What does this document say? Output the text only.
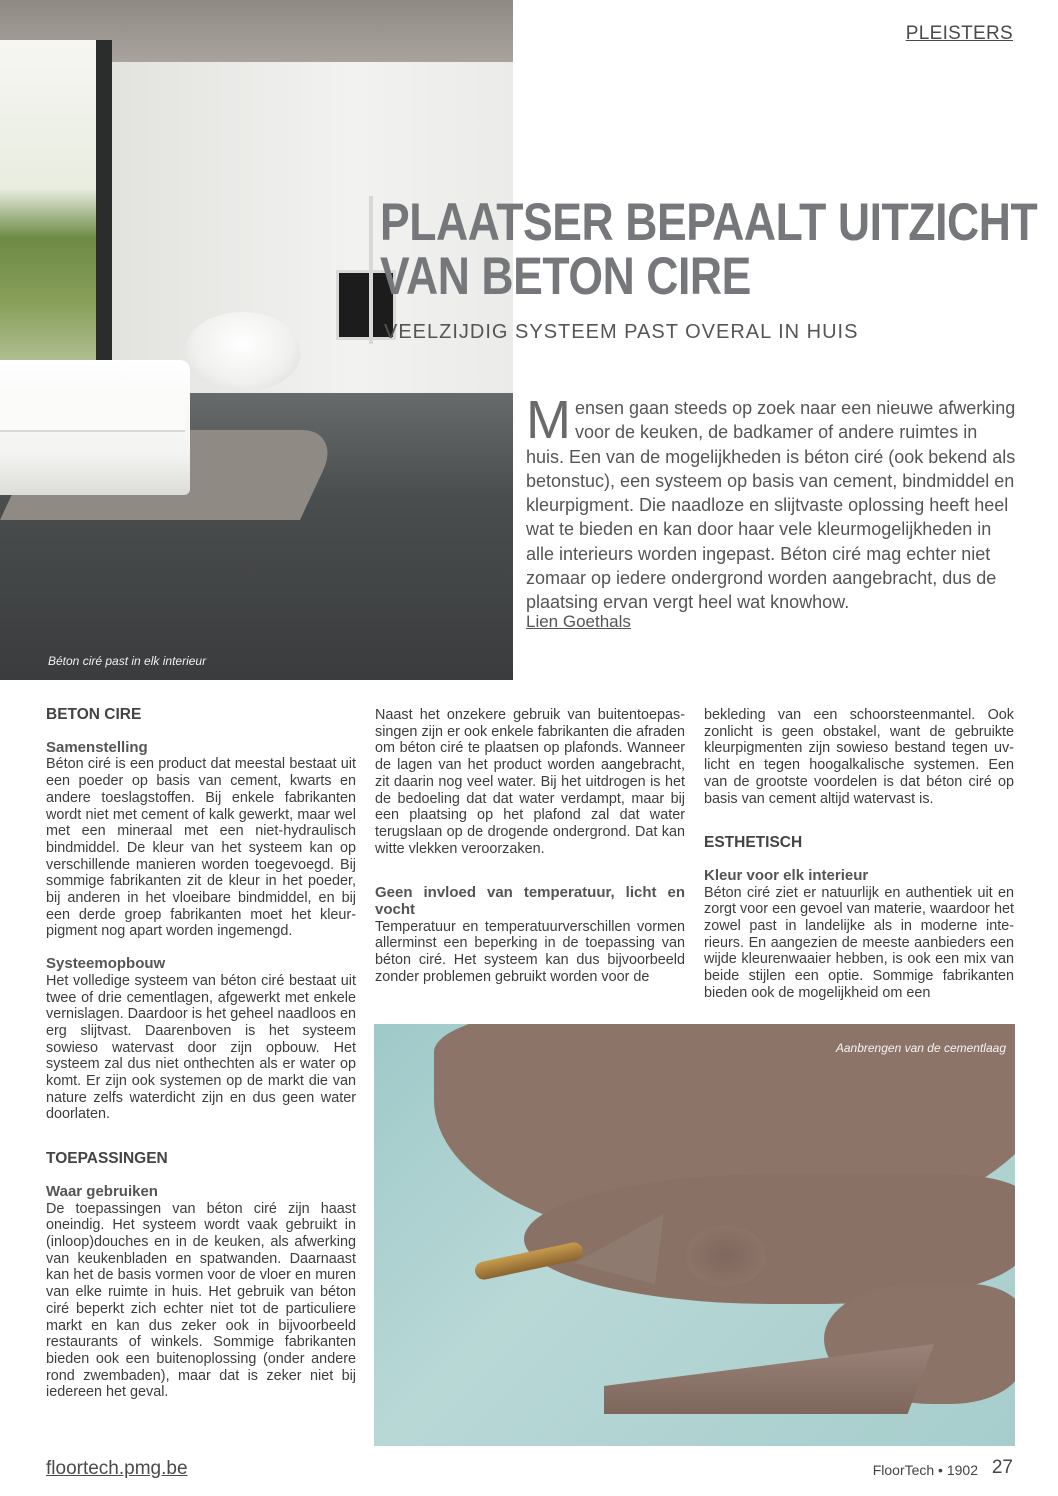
Béton ciré past in elk interieur
PLEISTERS
PLAATSER BEPAALT UITZICHT
VAN BETON CIRE
VEELZIJDIG SYSTEEM PAST OVERAL IN HUIS
Mensen gaan steeds op zoek naar een nieuwe afwerking voor de keuken, de badkamer of andere ruimtes in huis. Een van de mogelijkheden is béton ciré (ook bekend als betonstuc), een systeem op basis van cement, bindmiddel en kleurpigment. Die naadloze en slijtvaste oplossing heeft heel wat te bieden en kan door haar vele kleurmogelijkheden in alle interieurs worden ingepast. Béton ciré mag echter niet zomaar op iedere ondergrond worden aangebracht, dus de plaatsing ervan vergt heel wat knowhow.
Lien Goethals
BETON CIRE
Samenstelling

Béton ciré is een product dat meestal bestaat uit een poeder op basis van cement, kwarts en andere toeslagstoffen. Bij enkele fabrikanten wordt niet met cement of kalk gewerkt, maar wel met een mineraal met een niet-hydraulisch bindmiddel. De kleur van het systeem kan op verschillende manieren worden toegevoegd. Bij sommige fabrikanten zit de kleur in het poeder, bij anderen in het vloeibare bindmiddel, en bij een derde groep fabrikanten moet het kleurpigment nog apart worden ingemengd.

Systeemopbouw

Het volledige systeem van béton ciré bestaat uit twee of drie cementlagen, afgewerkt met enkele vernislagen. Daardoor is het geheel naadloos en erg slijtvast. Daarenboven is het systeem sowieso watervast door zijn opbouw. Het systeem zal dus niet onthechten als er water op komt. Er zijn ook systemen op de markt die van nature zelfs waterdicht zijn en dus geen water doorlaten.

TOEPASSINGEN
Waar gebruiken

De toepassingen van béton ciré zijn haast oneindig. Het systeem wordt vaak gebruikt in (inloop)douches en in de keuken, als afwerking van keukenbladen en spatwanden. Daarnaast kan het de basis vormen voor de vloer en muren van elke ruimte in huis. Het gebruik van béton ciré beperkt zich echter niet tot de particuliere markt en kan dus zeker ook in bijvoorbeeld restaurants of winkels. Sommige fabrikanten bieden ook een buitenoplossing (onder andere rond zwembaden), maar dat is zeker niet bij iedereen het geval.

Naast het onzekere gebruik van buitentoepassingen zijn er ook enkele fabrikanten die afraden om béton ciré te plaatsen op plafonds. Wanneer de lagen van het product worden aangebracht, zit daarin nog veel water. Bij het uitdrogen is het de bedoeling dat dat water verdampt, maar bij een plaatsing op het plafond zal dat water terugslaan op de drogende ondergrond. Dat kan witte vlekken veroorzaken.

Geen invloed van temperatuur, licht en vocht

Temperatuur en temperatuurverschillen vormen allerminst een beperking in de toepassing van béton ciré. Het systeem kan dus bijvoorbeeld zonder problemen gebruikt worden voor de

bekleding van een schoorsteenmantel. Ook zonlicht is geen obstakel, want de gebruikte kleurpigmenten zijn sowieso bestand tegen uv-licht en tegen hoogalkalische systemen. Een van de grootste voordelen is dat béton ciré op basis van cement altijd watervast is.

ESTHETISCH
Kleur voor elk interieur

Béton ciré ziet er natuurlijk en authentiek uit en zorgt voor een gevoel van materie, waardoor het zowel past in landelijke als in moderne interieurs. En aangezien de meeste aanbieders een wijde kleurenwaaier hebben, is ook een mix van beide stijlen een optie. Sommige fabrikanten bieden ook de mogelijkheid om een

Aanbrengen van de cementlaag
floortech.pmg.be	FloorTech • 1902 27
